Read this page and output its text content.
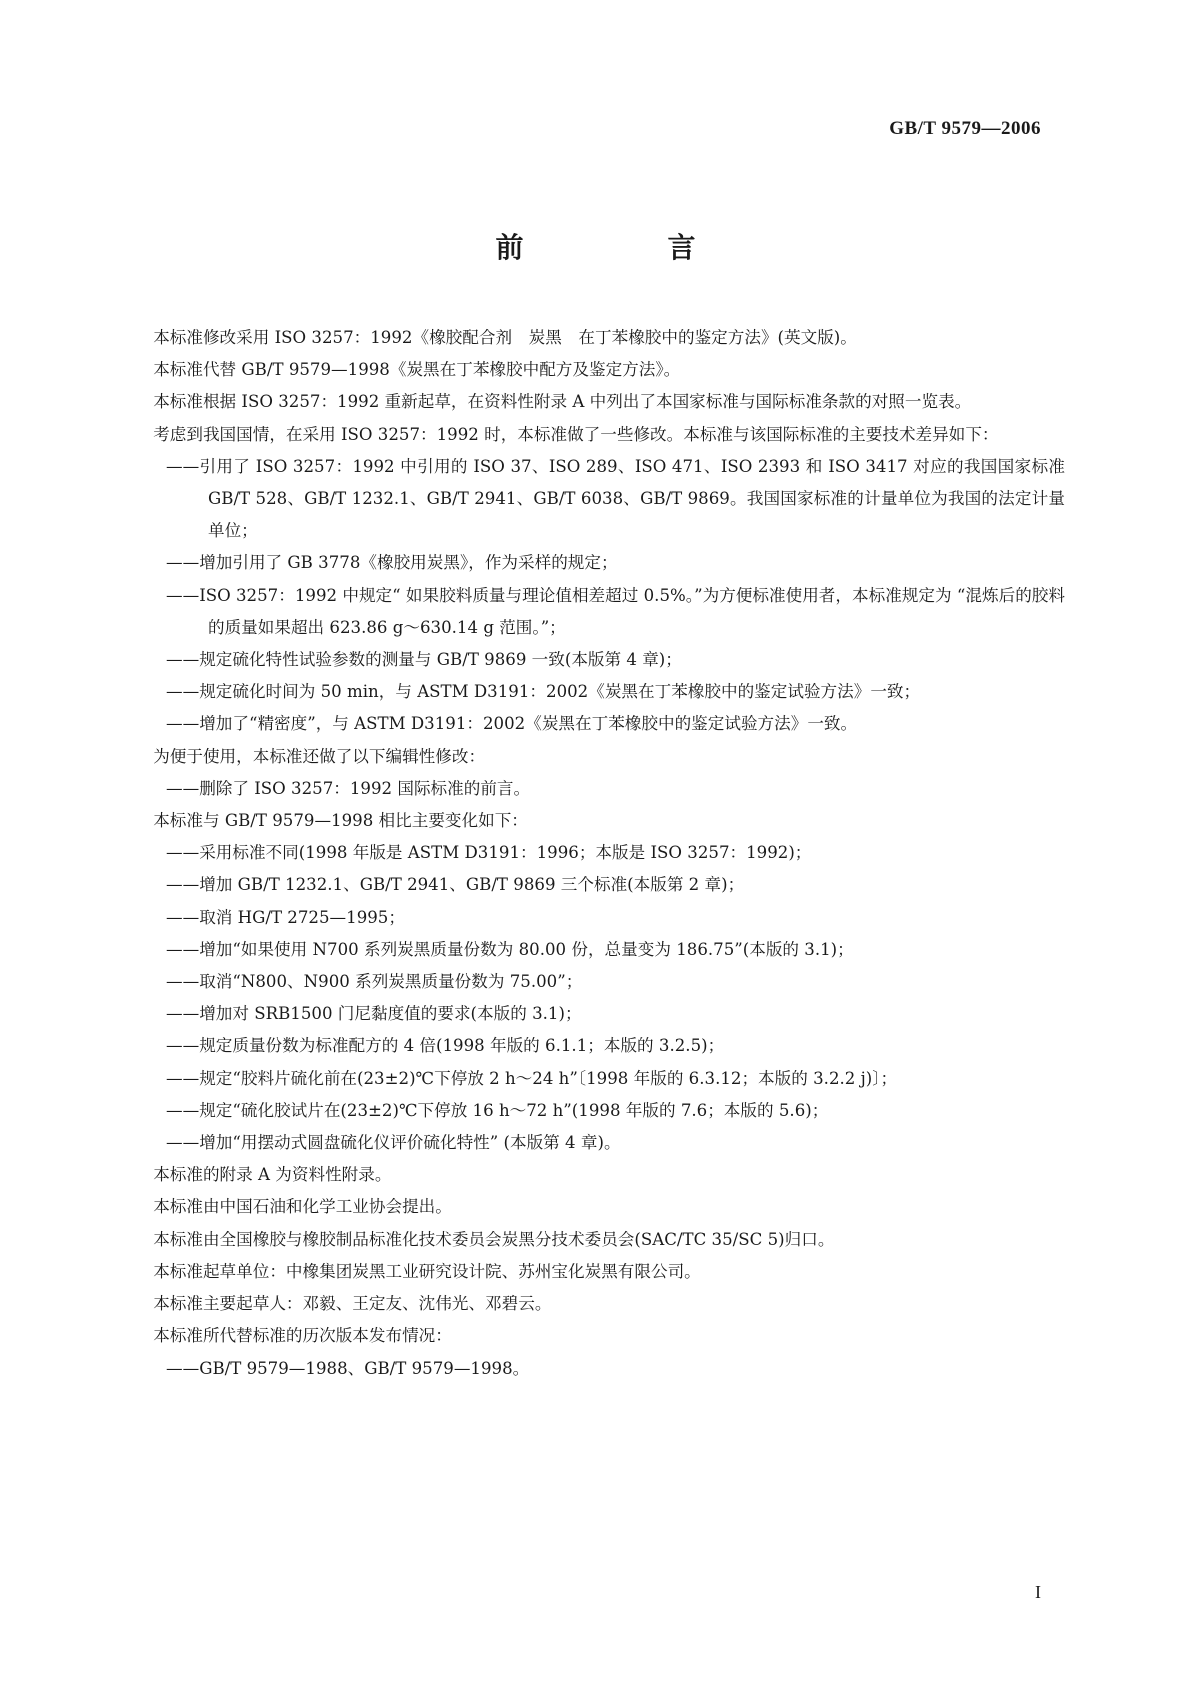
GB/T 9579—2006
前　言

本标准修改采用 ISO 3257：1992《橡胶配合剂　炭黑　在丁苯橡胶中的鉴定方法》(英文版)。

本标准代替 GB/T 9579—1998《炭黑在丁苯橡胶中配方及鉴定方法》。

本标准根据 ISO 3257：1992 重新起草，在资料性附录 A 中列出了本国家标准与国际标准条款的对照一览表。

考虑到我国国情，在采用 ISO 3257：1992 时，本标准做了一些修改。本标准与该国际标准的主要技术差异如下：

——引用了 ISO 3257：1992 中引用的 ISO 37、ISO 289、ISO 471、ISO 2393 和 ISO 3417 对应的我国国家标准 GB/T 528、GB/T 1232.1、GB/T 2941、GB/T 6038、GB/T 9869。我国国家标准的计量单位为我国的法定计量单位；

——增加引用了 GB 3778《橡胶用炭黑》，作为采样的规定；

——ISO 3257：1992 中规定“ 如果胶料质量与理论值相差超过 0.5%。”为方便标准使用者，本标准规定为 “混炼后的胶料的质量如果超出 623.86 g～630.14 g 范围。”；

——规定硫化特性试验参数的测量与 GB/T 9869 一致(本版第 4 章)；

——规定硫化时间为 50 min，与 ASTM D3191：2002《炭黑在丁苯橡胶中的鉴定试验方法》一致；

——增加了“精密度”，与 ASTM D3191：2002《炭黑在丁苯橡胶中的鉴定试验方法》一致。

为便于使用，本标准还做了以下编辑性修改：

——删除了 ISO 3257：1992 国际标准的前言。

本标准与 GB/T 9579—1998 相比主要变化如下：

——采用标准不同(1998 年版是 ASTM D3191：1996；本版是 ISO 3257：1992)；

——增加 GB/T 1232.1、GB/T 2941、GB/T 9869 三个标准(本版第 2 章)；

——取消 HG/T 2725—1995；

——增加“如果使用 N700 系列炭黑质量份数为 80.00 份，总量变为 186.75”(本版的 3.1)；

——取消“N800、N900 系列炭黑质量份数为 75.00”；

——增加对 SRB1500 门尼黏度值的要求(本版的 3.1)；

——规定质量份数为标准配方的 4 倍(1998 年版的 6.1.1；本版的 3.2.5)；

——规定“胶料片硫化前在(23±2)℃下停放 2 h～24 h”〔1998 年版的 6.3.12；本版的 3.2.2 j)〕；

——规定“硫化胶试片在(23±2)℃下停放 16 h～72 h”(1998 年版的 7.6；本版的 5.6)；

——增加“用摆动式圆盘硫化仪评价硫化特性” (本版第 4 章)。

本标准的附录 A 为资料性附录。

本标准由中国石油和化学工业协会提出。

本标准由全国橡胶与橡胶制品标准化技术委员会炭黑分技术委员会(SAC/TC 35/SC 5)归口。

本标准起草单位：中橡集团炭黑工业研究设计院、苏州宝化炭黑有限公司。

本标准主要起草人：邓毅、王定友、沈伟光、邓碧云。

本标准所代替标准的历次版本发布情况：

——GB/T 9579—1988、GB/T 9579—1998。

I
